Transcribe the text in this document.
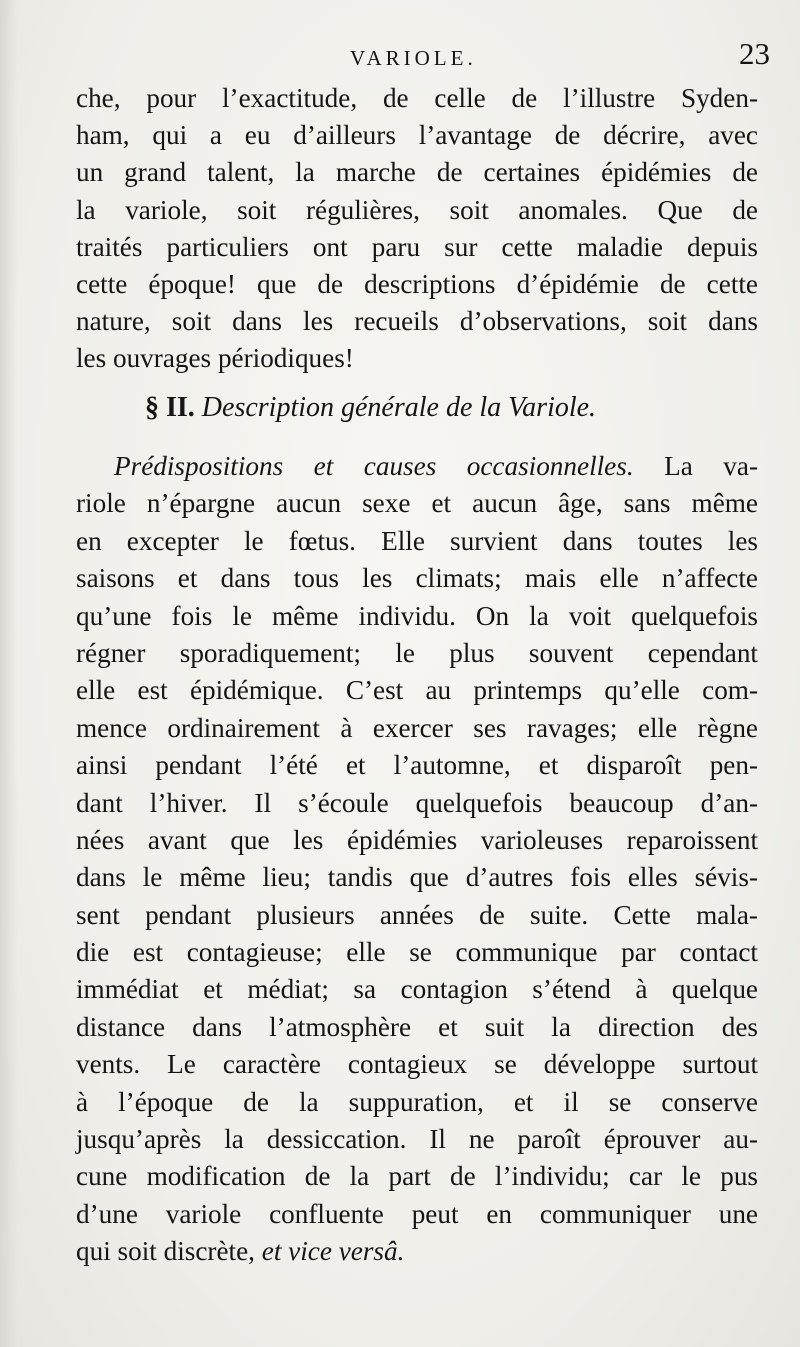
VARIOLE.	23
che, pour l’exactitude, de celle de l’illustre Syden-
ham, qui a eu d’ailleurs l’avantage de décrire, avec
un grand talent, la marche de certaines épidémies de
la variole, soit régulières, soit anomales. Que de
traités particuliers ont paru sur cette maladie depuis
cette époque! que de descriptions d’épidémie de cette
nature, soit dans les recueils d’observations, soit dans
les ouvrages périodiques!
§ II. Description générale de la Variole.
Prédispositions et causes occasionnelles. La va-
riole n’épargne aucun sexe et aucun âge, sans même
en excepter le fœtus. Elle survient dans toutes les
saisons et dans tous les climats; mais elle n’affecte
qu’une fois le même individu. On la voit quelquefois
régner sporadiquement; le plus souvent cependant
elle est épidémique. C’est au printemps qu’elle com-
mence ordinairement à exercer ses ravages; elle règne
ainsi pendant l’été et l’automne, et disparoît pen-
dant l’hiver. Il s’écoule quelquefois beaucoup d’an-
nées avant que les épidémies varioleuses reparoissent
dans le même lieu; tandis que d’autres fois elles sévis-
sent pendant plusieurs années de suite. Cette mala-
die est contagieuse; elle se communique par contact
immédiat et médiat; sa contagion s’étend à quelque
distance dans l’atmosphère et suit la direction des
vents. Le caractère contagieux se développe surtout
à l’époque de la suppuration, et il se conserve
jusqu’après la dessiccation. Il ne paroît éprouver au-
cune modification de la part de l’individu; car le pus
d’une variole confluente peut en communiquer une
qui soit discrète, et vice versâ.
